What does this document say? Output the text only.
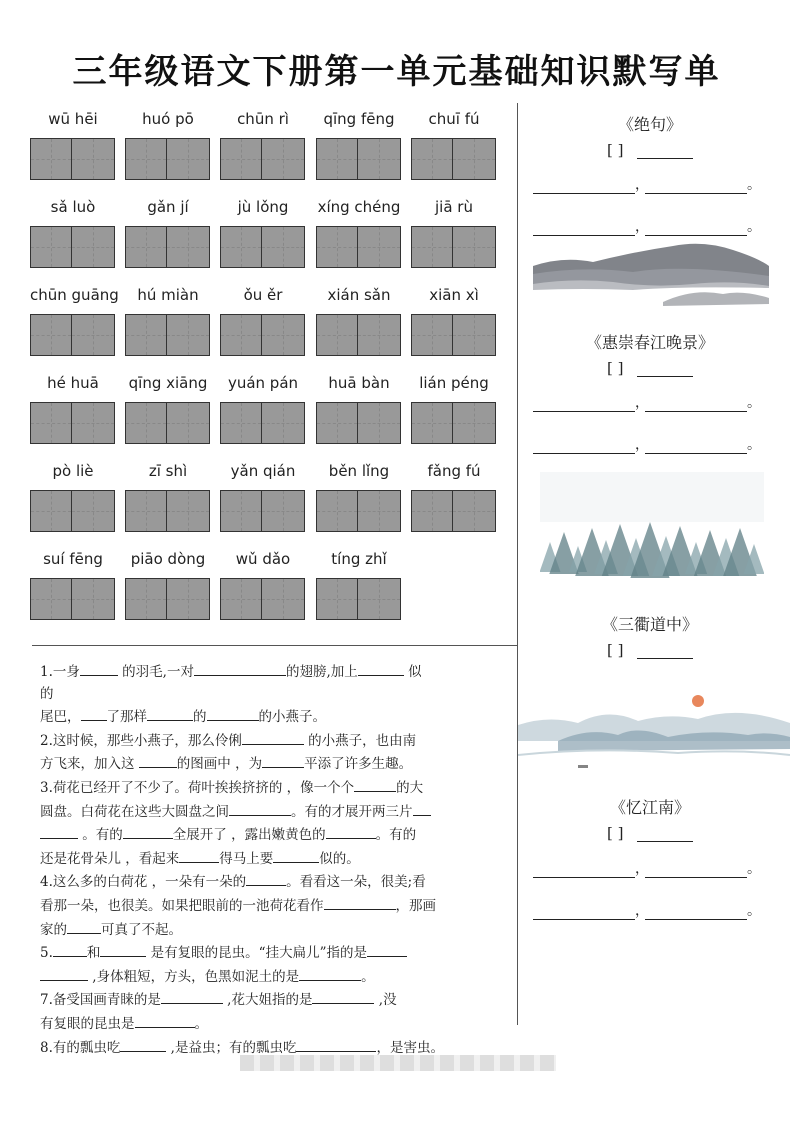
三年级语文下册第一单元基础知识默写单
wū hēi	huó pō	chūn rì	qīng fēng	chuī fú
sǎ luò	gǎn jí	jù lǒng	xíng chéng	jiā rù
chūn guāng	hú miàn	ǒu ěr	xián sǎn	xiān xì
hé huā	qīng xiāng	yuán pán	huā bàn	lián péng
pò liè	zī shì	yǎn qián	běn lǐng	fǎng fú
suí fēng	piāo dòng	wǔ dǎo	tíng zhǐ

1.一身	的羽毛,一对	的翅膀,加上	似
的
尾巴， 了那样	的	的小燕子。

2.这时候，那些小燕子，那么伶俐	的小燕子，也由南
方飞来，加入这	的图画中 ，为	平添了许多生趣。

3.荷花已经开了不少了。荷叶挨挨挤挤的 ，像一个个	的大
圆盘。白荷花在这些大圆盘之间	。有的才展开两三片
。有的	全展开了 ，露出嫩黄色的	。有的
还是花骨朵儿 ，看起来	得马上要	似的。

4.这么多的白荷花 ，一朵有一朵的	。看看这一朵，很美;看
看那一朵，也很美。如果把眼前的一池荷花看作	，那画
家的	可真了不起。

5.	和	是有复眼的昆虫。“挂大扁儿”指的是
,身体粗短，方头，色黑如泥土的是	。

7.备受国画青睐的是	,花大姐指的是	,没
有复眼的昆虫是	。

8.有的瓢虫吃	,是益虫；有的瓢虫吃	，是害虫。

《绝句》
[ ]
，	。
，	。
《惠崇春江晚景》
[ ]
，	。
，	。
《三衢道中》
[ ]
《忆江南》
[ ]
，	。
，	。
